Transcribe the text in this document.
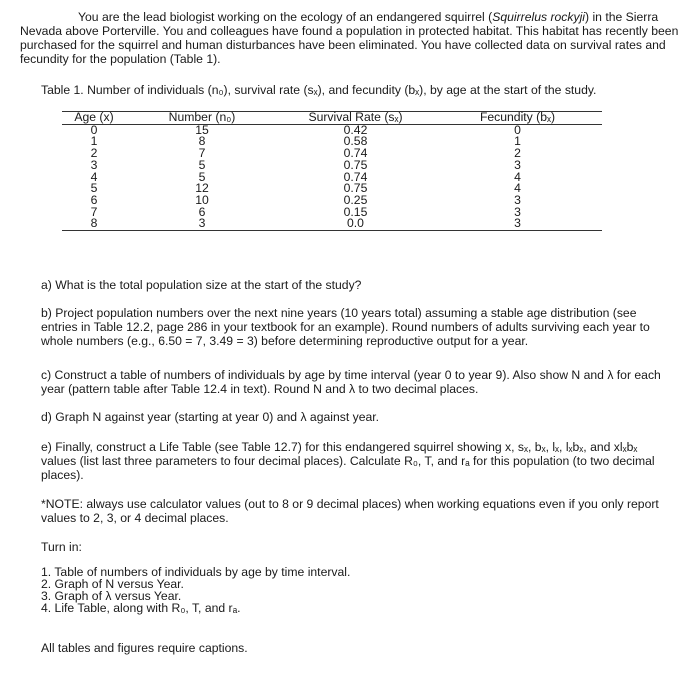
You are the lead biologist working on the ecology of an endangered squirrel (Squirrelus rockyji) in the Sierra Nevada above Porterville. You and colleagues have found a population in protected habitat. This habitat has recently been purchased for the squirrel and human disturbances have been eliminated. You have collected data on survival rates and fecundity for the population (Table 1).
Table 1. Number of individuals (n₀), survival rate (sₓ), and fecundity (bₓ), by age at the start of the study.
Age (x)	Number (n₀)	Survival Rate (sₓ)	Fecundity (bₓ)
0	15	0.42	0
1	8	0.58	1
2	7	0.74	2
3	5	0.75	3
4	5	0.74	4
5	12	0.75	4
6	10	0.25	3
7	6	0.15	3
8	3	0.0	3
a) What is the total population size at the start of the study?
b) Project population numbers over the next nine years (10 years total) assuming a stable age distribution (see entries in Table 12.2, page 286 in your textbook for an example). Round numbers of adults surviving each year to whole numbers (e.g., 6.50 = 7, 3.49 = 3) before determining reproductive output for a year.
c) Construct a table of numbers of individuals by age by time interval (year 0 to year 9). Also show N and λ for each year (pattern table after Table 12.4 in text). Round N and λ to two decimal places.
d) Graph N against year (starting at year 0) and λ against year.
e) Finally, construct a Life Table (see Table 12.7) for this endangered squirrel showing x, sₓ, bₓ, lₓ, lₓbₓ, and xlₓbₓ values (list last three parameters to four decimal places). Calculate R₀, T, and rₐ for this population (to two decimal places).
*NOTE: always use calculator values (out to 8 or 9 decimal places) when working equations even if you only report values to 2, 3, or 4 decimal places.
Turn in:
1. Table of numbers of individuals by age by time interval.
2. Graph of N versus Year.
3. Graph of λ versus Year.
4. Life Table, along with R₀, T, and rₐ.
All tables and figures require captions.
